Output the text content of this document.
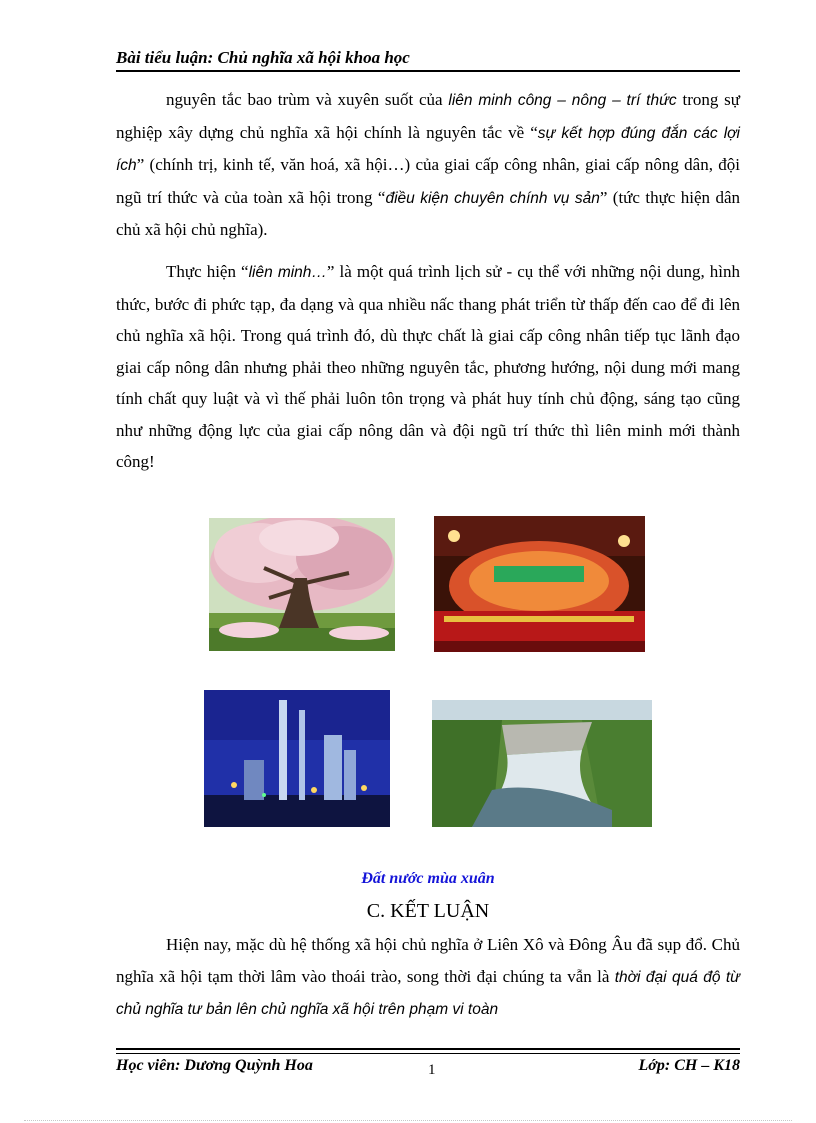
Bài tiểu luận: Chủ nghĩa xã hội khoa học

nguyên tắc bao trùm và xuyên suốt của liên minh công – nông – trí thức trong sự nghiệp xây dựng chủ nghĩa xã hội chính là nguyên tắc về “sự kết hợp đúng đắn các lợi ích” (chính trị, kinh tế, văn hoá, xã hội…) của giai cấp công nhân, giai cấp nông dân, đội ngũ trí thức và của toàn xã hội trong “điều kiện chuyên chính vụ sản” (tức thực hiện dân chủ xã hội chủ nghĩa).

Thực hiện “liên minh…” là một quá trình lịch sử - cụ thể với những nội dung, hình thức, bước đi phức tạp, đa dạng và qua nhiều nấc thang phát triển từ thấp đến cao để đi lên chủ nghĩa xã hội. Trong quá trình đó, dù thực chất là giai cấp công nhân tiếp tục lãnh đạo giai cấp nông dân nhưng phải theo những nguyên tắc, phương hướng, nội dung mới mang tính chất quy luật và vì thế phải luôn tôn trọng và phát huy tính chủ động, sáng tạo cũng như những động lực của giai cấp nông dân và đội ngũ trí thức thì liên minh mới thành công!

Đất nước mùa xuân
C. KẾT LUẬN

Hiện nay, mặc dù hệ thống xã hội chủ nghĩa ở Liên Xô và Đông Âu đã sụp đổ. Chủ nghĩa xã hội tạm thời lâm vào thoái trào, song thời đại chúng ta vẫn là thời đại quá độ từ chủ nghĩa tư bản lên chủ nghĩa xã hội trên phạm vi toàn

Học viên: Dương Quỳnh Hoa	1	Lớp: CH – K18
